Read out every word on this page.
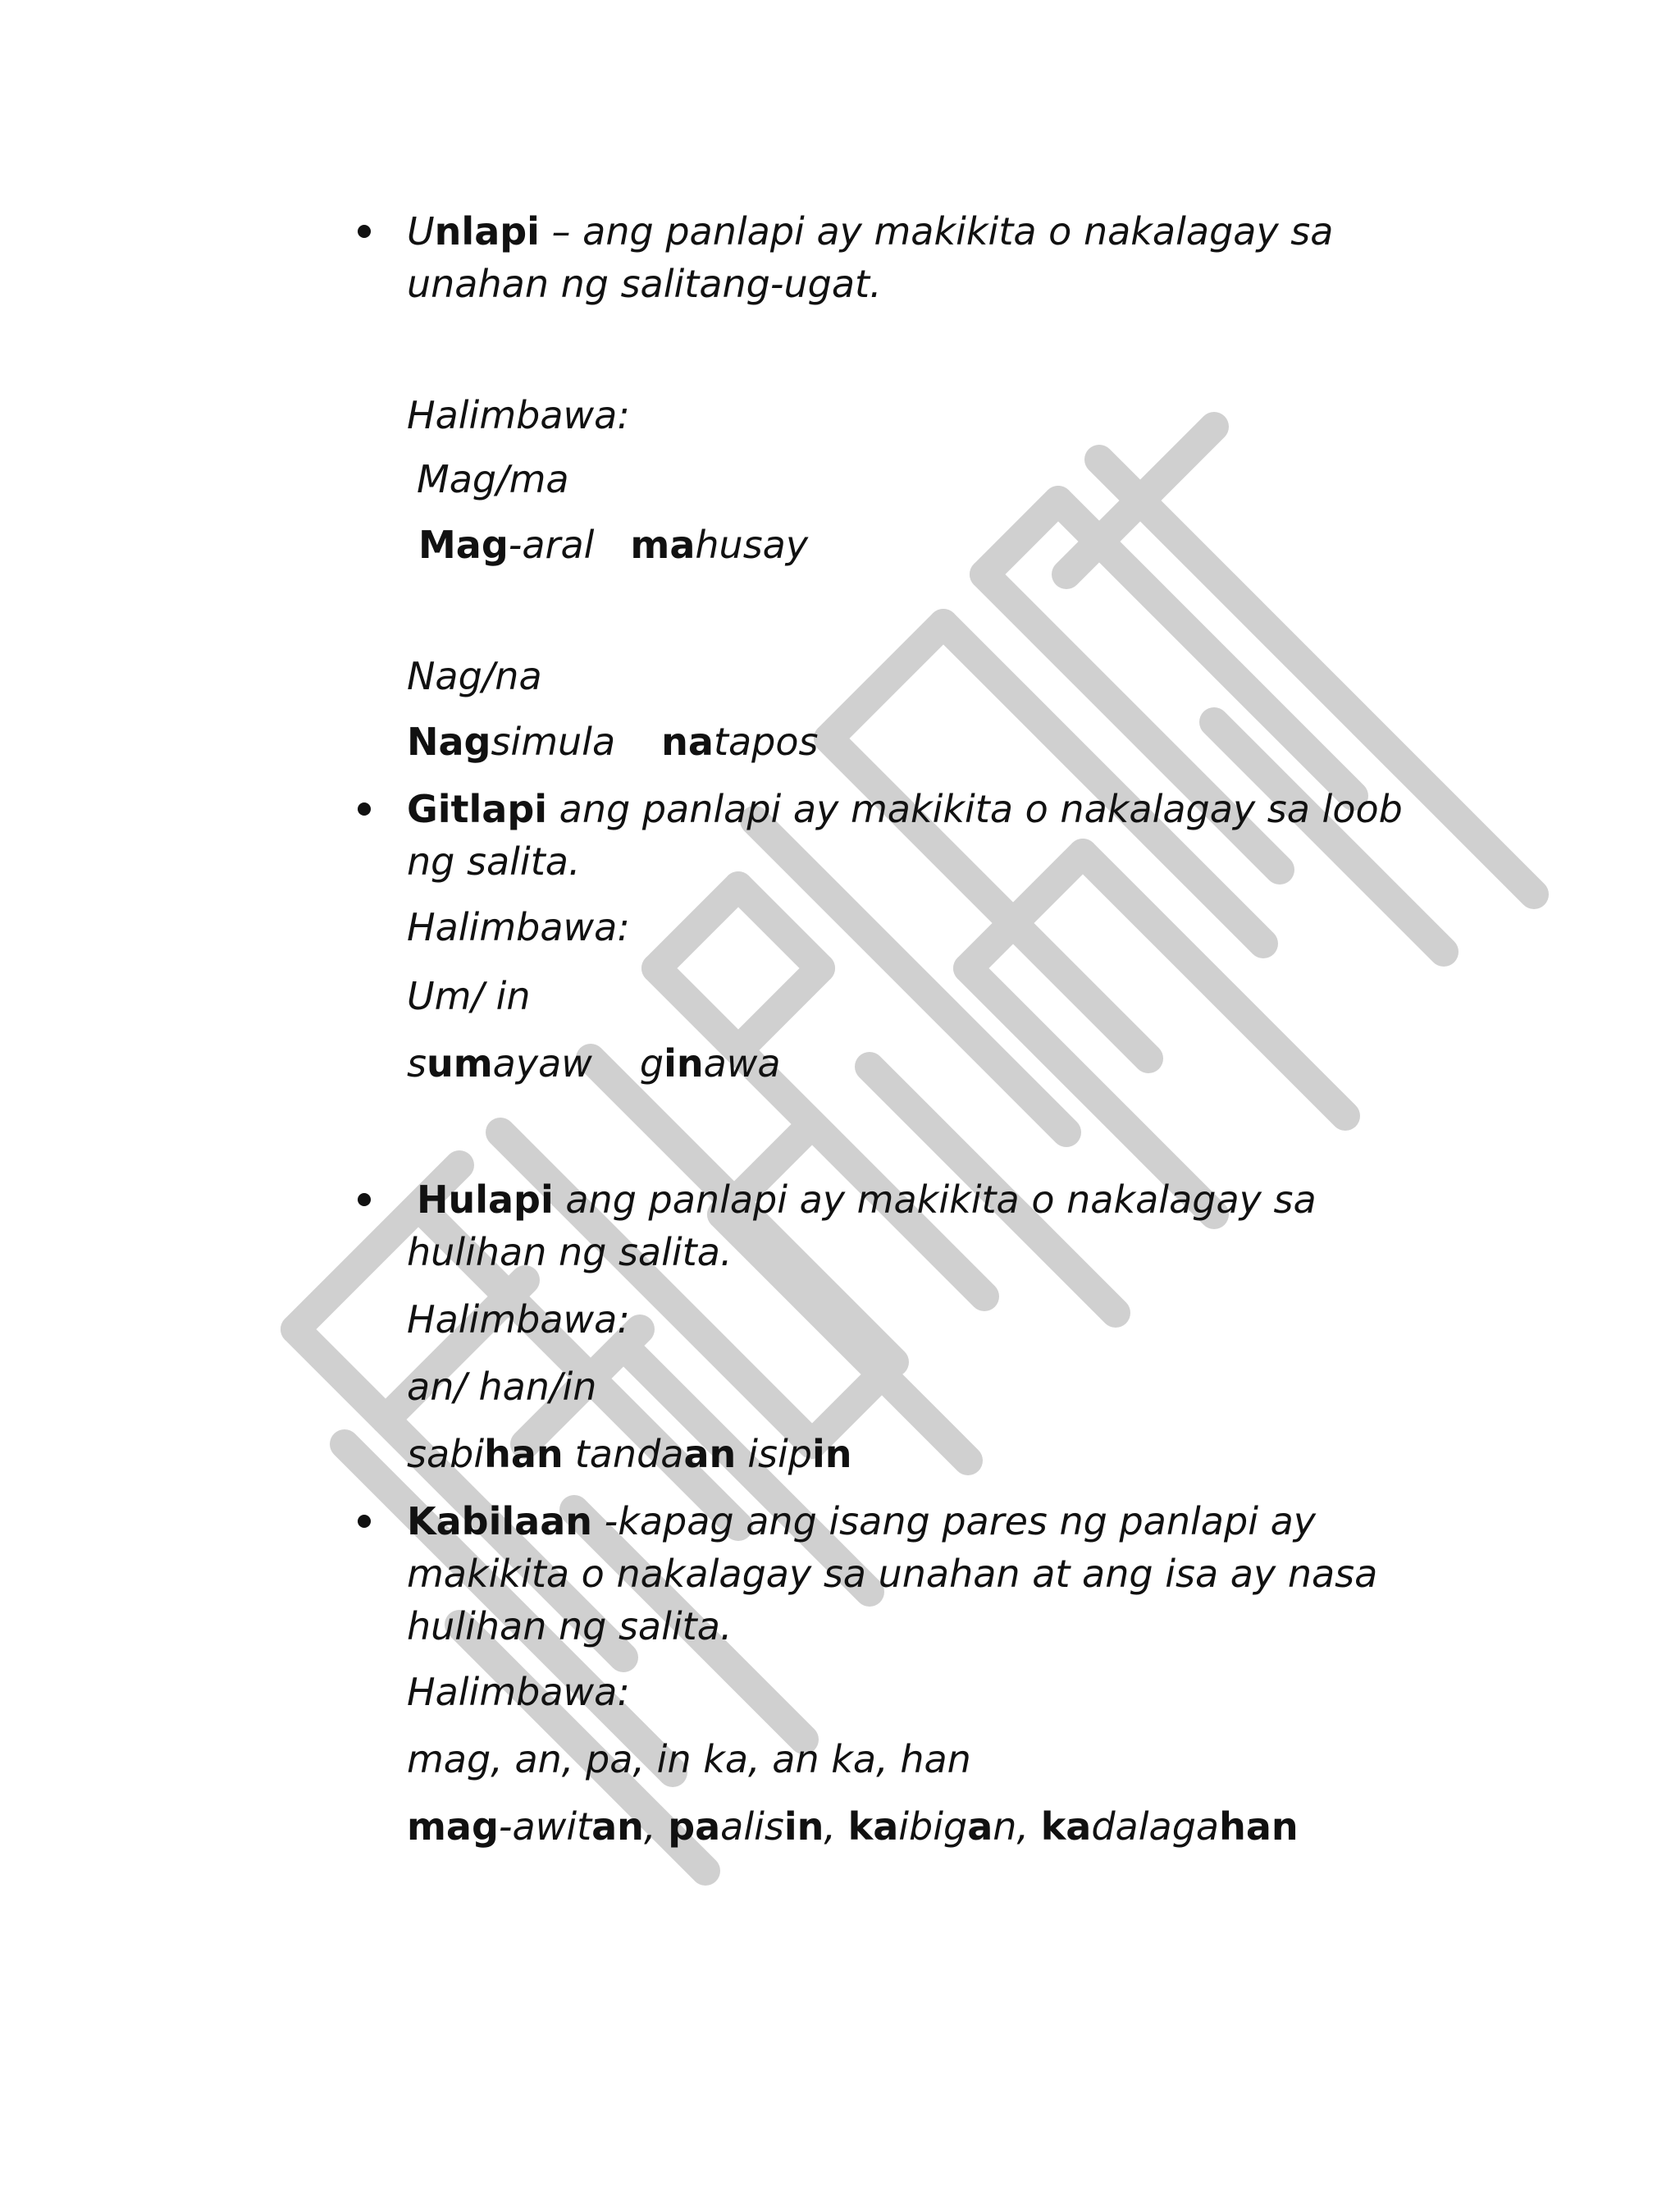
Unlapi – ang panlapi ay makikita o nakalagay sa
unahan ng salitang-ugat.
Halimbawa:
Mag/ma
Mag-aral mahusay
Nag/na
Nagsimula natapos
Gitlapi ang panlapi ay makikita o nakalagay sa loob
ng salita.
Halimbawa:
Um/ in
sumayaw ginawa
Hulapi ang panlapi ay makikita o nakalagay sa
hulihan ng salita.
Halimbawa:
an/ han/in
sabihan tandaan isipin
Kabilaan -kapag ang isang pares ng panlapi ay
makikita o nakalagay sa unahan at ang isa ay nasa
hulihan ng salita.
Halimbawa:
mag, an, pa, in ka, an ka, han
mag-awitan, paalisin, kaibigan, kadalagahan
